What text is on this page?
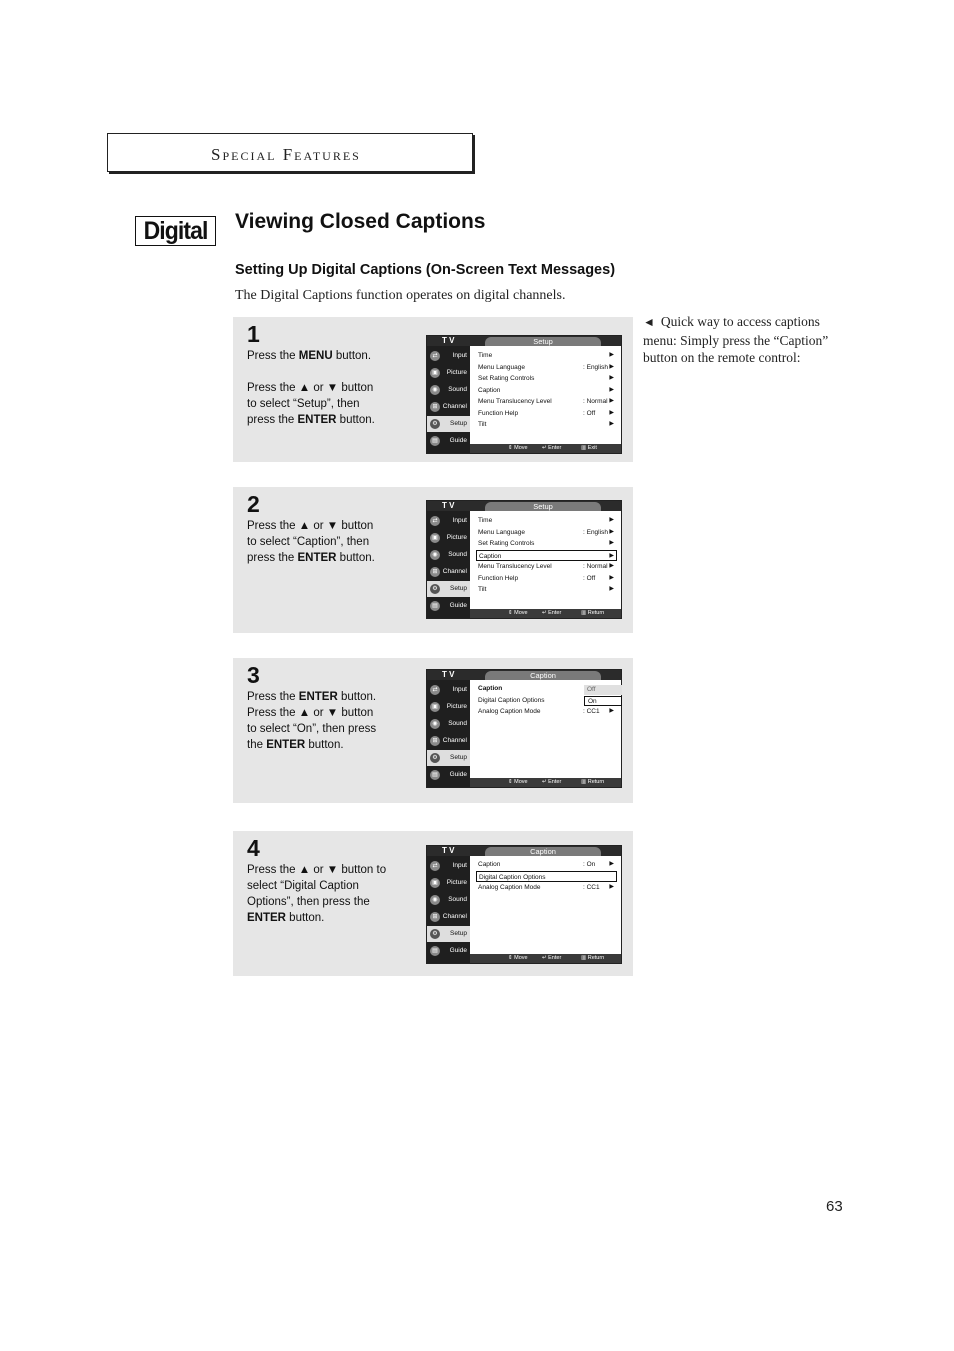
Special Features
Digital Viewing Closed Captions
Setting Up Digital Captions (On-Screen Text Messages)
The Digital Captions function operates on digital channels.
◄ Quick way to access captions menu: Simply press the “Caption” button on the remote control:
1
Press the MENU button.
Press the ▲ or ▼ button
to select “Setup”, then
press the ENTER button.
T V	Setup
⇄	Input
▣	Picture
◉	Sound
⊞ Channel
⚙	Setup
▤	Guide
Time	▶
Menu Language	: English ▶
Set Rating Controls	▶
Caption	▶
Menu Translucency Level	: Normal ▶
Function Help	: Off ▶
Tilt	▶
⇕ Move	↵ Enter	▥ Exit
2
Press the ▲ or ▼ button
to select “Caption”, then
press the ENTER button.
T V	Setup
⇄	Input
▣	Picture
◉	Sound
⊞ Channel
⚙	Setup
▤	Guide
Time	▶
Menu Language	: English ▶
Set Rating Controls	▶
Caption	▶
Menu Translucency Level	: Normal ▶
Function Help	: Off ▶
Tilt	▶
⇕ Move	↵ Enter	▥ Return
3
Press the ENTER button.
Press the ▲ or ▼ button
to select “On”, then press
the ENTER button.
T V	Caption
⇄	Input
▣	Picture
◉	Sound
⊞ Channel
⚙	Setup
▤	Guide
Caption
Digital Caption Options
Analog Caption Mode	: CC1 ▶
Off
On
⇕ Move	↵ Enter	▥ Return
4
Press the ▲ or ▼ button to
select “Digital Caption
Options”, then press the
ENTER button.
T V	Caption
⇄	Input
▣	Picture
◉	Sound
⊞ Channel
⚙	Setup
▤	Guide
Caption	: On ▶
Digital Caption Options
Analog Caption Mode	: CC1 ▶
⇕ Move	↵ Enter	▥ Return
63
